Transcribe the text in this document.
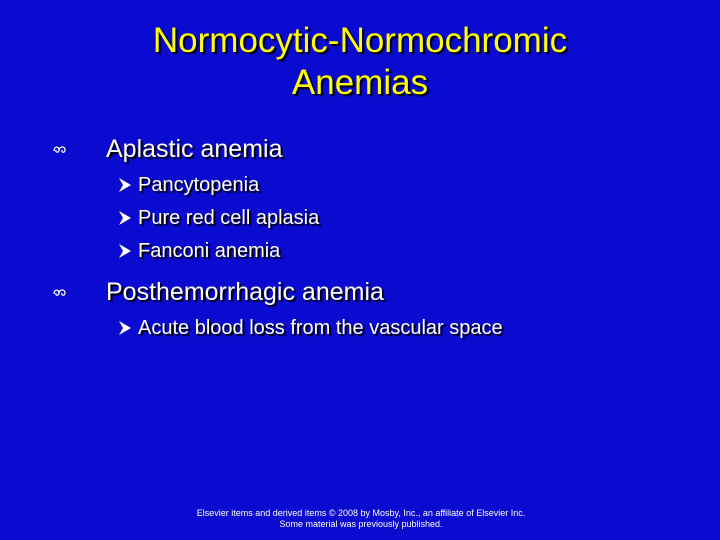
Normocytic-Normochromic
Anemias
Aplastic anemia
Pancytopenia
Pure red cell aplasia
Fanconi anemia
Posthemorrhagic anemia
Acute blood loss from the vascular space
Elsevier items and derived items © 2008 by Mosby, Inc., an affiliate of Elsevier Inc.
Some material was previously published.
